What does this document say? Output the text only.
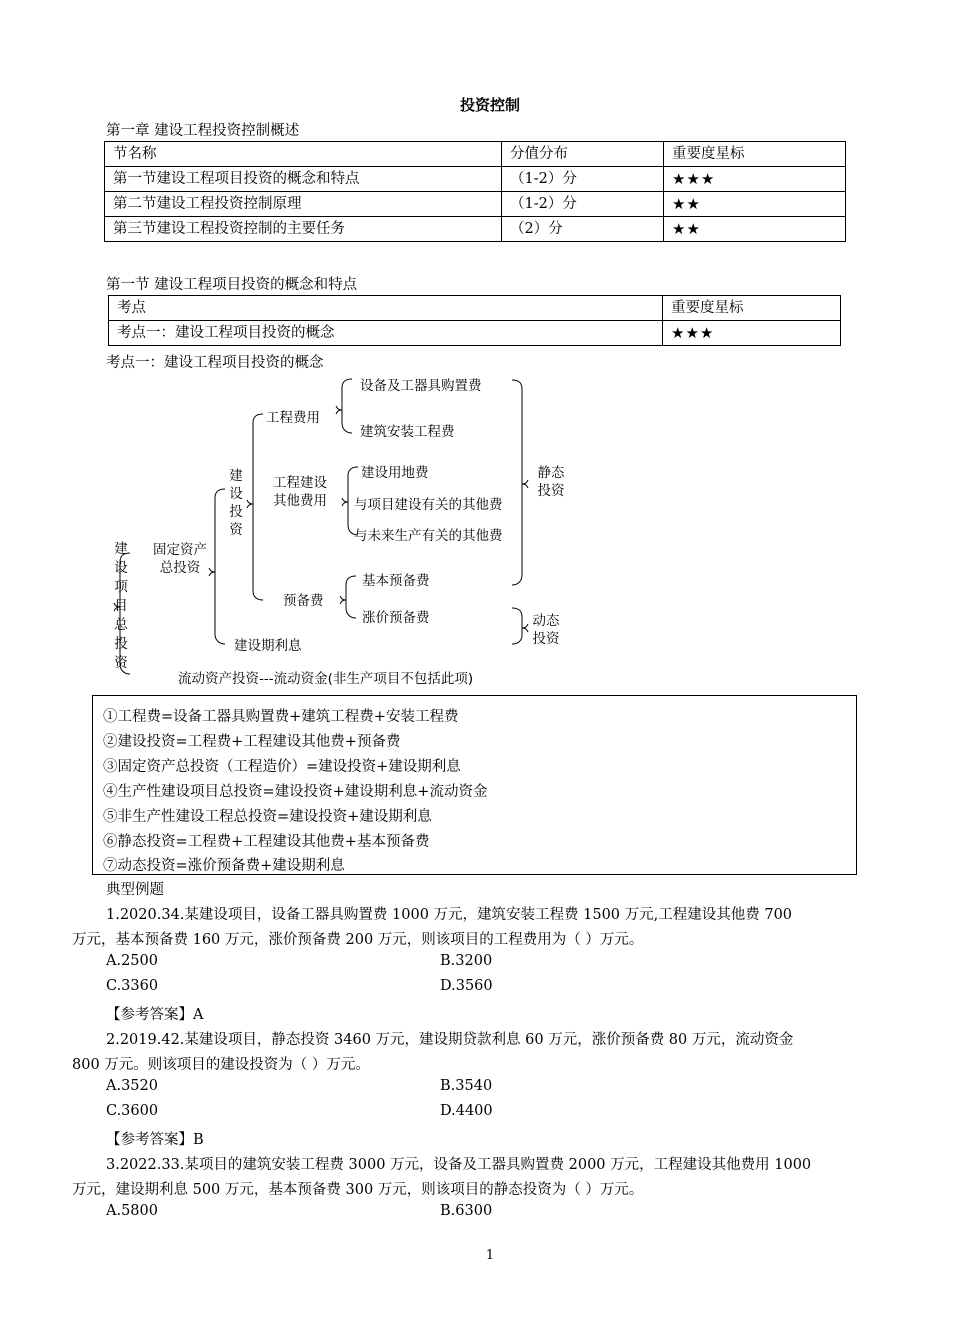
投资控制
第一章 建设工程投资控制概述
节名称	分值分布	重要度星标
第一节建设工程项目投资的概念和特点	（1-2）分	★★★
第二节建设工程投资控制原理	（1-2）分	★★
第三节建设工程投资控制的主要任务	（2）分	★★
第一节 建设工程项目投资的概念和特点
考点	重要度星标
考点一：建设工程项目投资的概念	★★★
考点一：建设工程项目投资的概念
建设项目总投资
固定资产总投资
建设投资
工程费用
工程建设其他费用
预备费
建设期利息
设备及工器具购置费
建筑安装工程费
建设用地费
与项目建设有关的其他费
与未来生产有关的其他费
基本预备费
涨价预备费
静态投资
动态投资
流动资产投资---流动资金(非生产项目不包括此项)
①工程费=设备工器具购置费+建筑工程费+安装工程费
②建设投资=工程费+工程建设其他费+预备费
③固定资产总投资（工程造价）=建设投资+建设期利息
④生产性建设项目总投资=建设投资+建设期利息+流动资金
⑤非生产性建设工程总投资=建设投资+建设期利息
⑥静态投资=工程费+工程建设其他费+基本预备费
⑦动态投资=涨价预备费+建设期利息
典型例题
1.2020.34.某建设项目，设备工器具购置费 1000 万元，建筑安装工程费 1500 万元,工程建设其他费 700
万元，基本预备费 160 万元，涨价预备费 200 万元，则该项目的工程费用为（ ）万元。
A.2500	B.3200
C.3360	D.3560
【参考答案】A
2.2019.42.某建设项目，静态投资 3460 万元，建设期贷款利息 60 万元，涨价预备费 80 万元，流动资金
800 万元。则该项目的建设投资为（ ）万元。
A.3520	B.3540
C.3600	D.4400
【参考答案】B
3.2022.33.某项目的建筑安装工程费 3000 万元，设备及工器具购置费 2000 万元，工程建设其他费用 1000
万元，建设期利息 500 万元，基本预备费 300 万元，则该项目的静态投资为（ ）万元。
A.5800	B.6300
1
